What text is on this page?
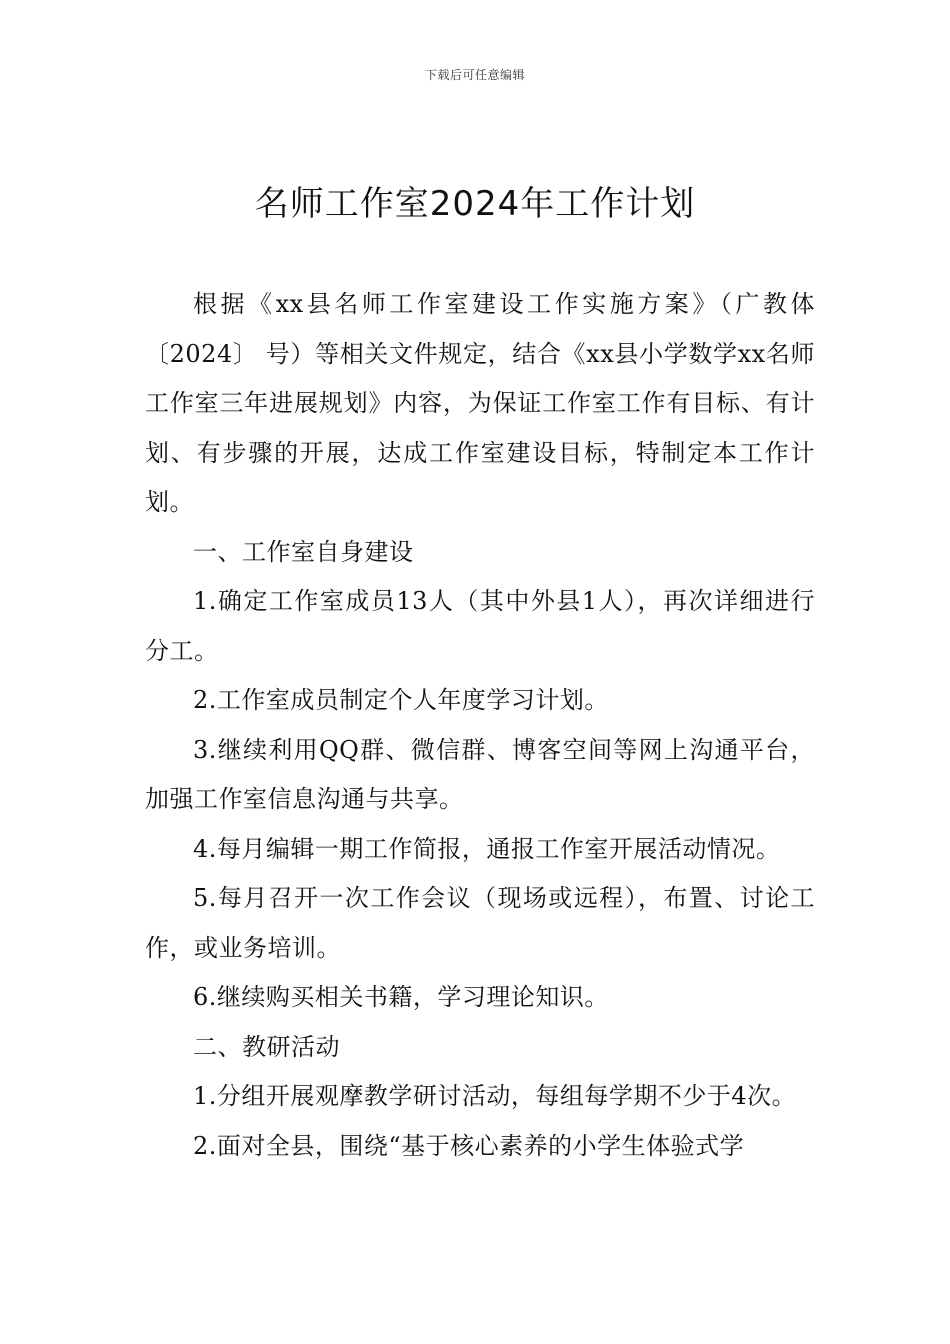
下载后可任意编辑
名师工作室2024年工作计划

根据《xx县名师工作室建设工作实施方案》（广教体〔2024〕 号）等相关文件规定，结合《xx县小学数学xx名师工作室三年进展规划》内容，为保证工作室工作有目标、有计划、有步骤的开展，达成工作室建设目标，特制定本工作计划。

一、工作室自身建设

1.确定工作室成员13人（其中外县1人），再次详细进行分工。

2.工作室成员制定个人年度学习计划。

3.继续利用QQ群、微信群、博客空间等网上沟通平台，加强工作室信息沟通与共享。

4.每月编辑一期工作简报，通报工作室开展活动情况。

5.每月召开一次工作会议（现场或远程），布置、讨论工作，或业务培训。

6.继续购买相关书籍，学习理论知识。

二、教研活动

1.分组开展观摩教学研讨活动，每组每学期不少于4次。

2.面对全县，围绕“基于核心素养的小学生体验式学
